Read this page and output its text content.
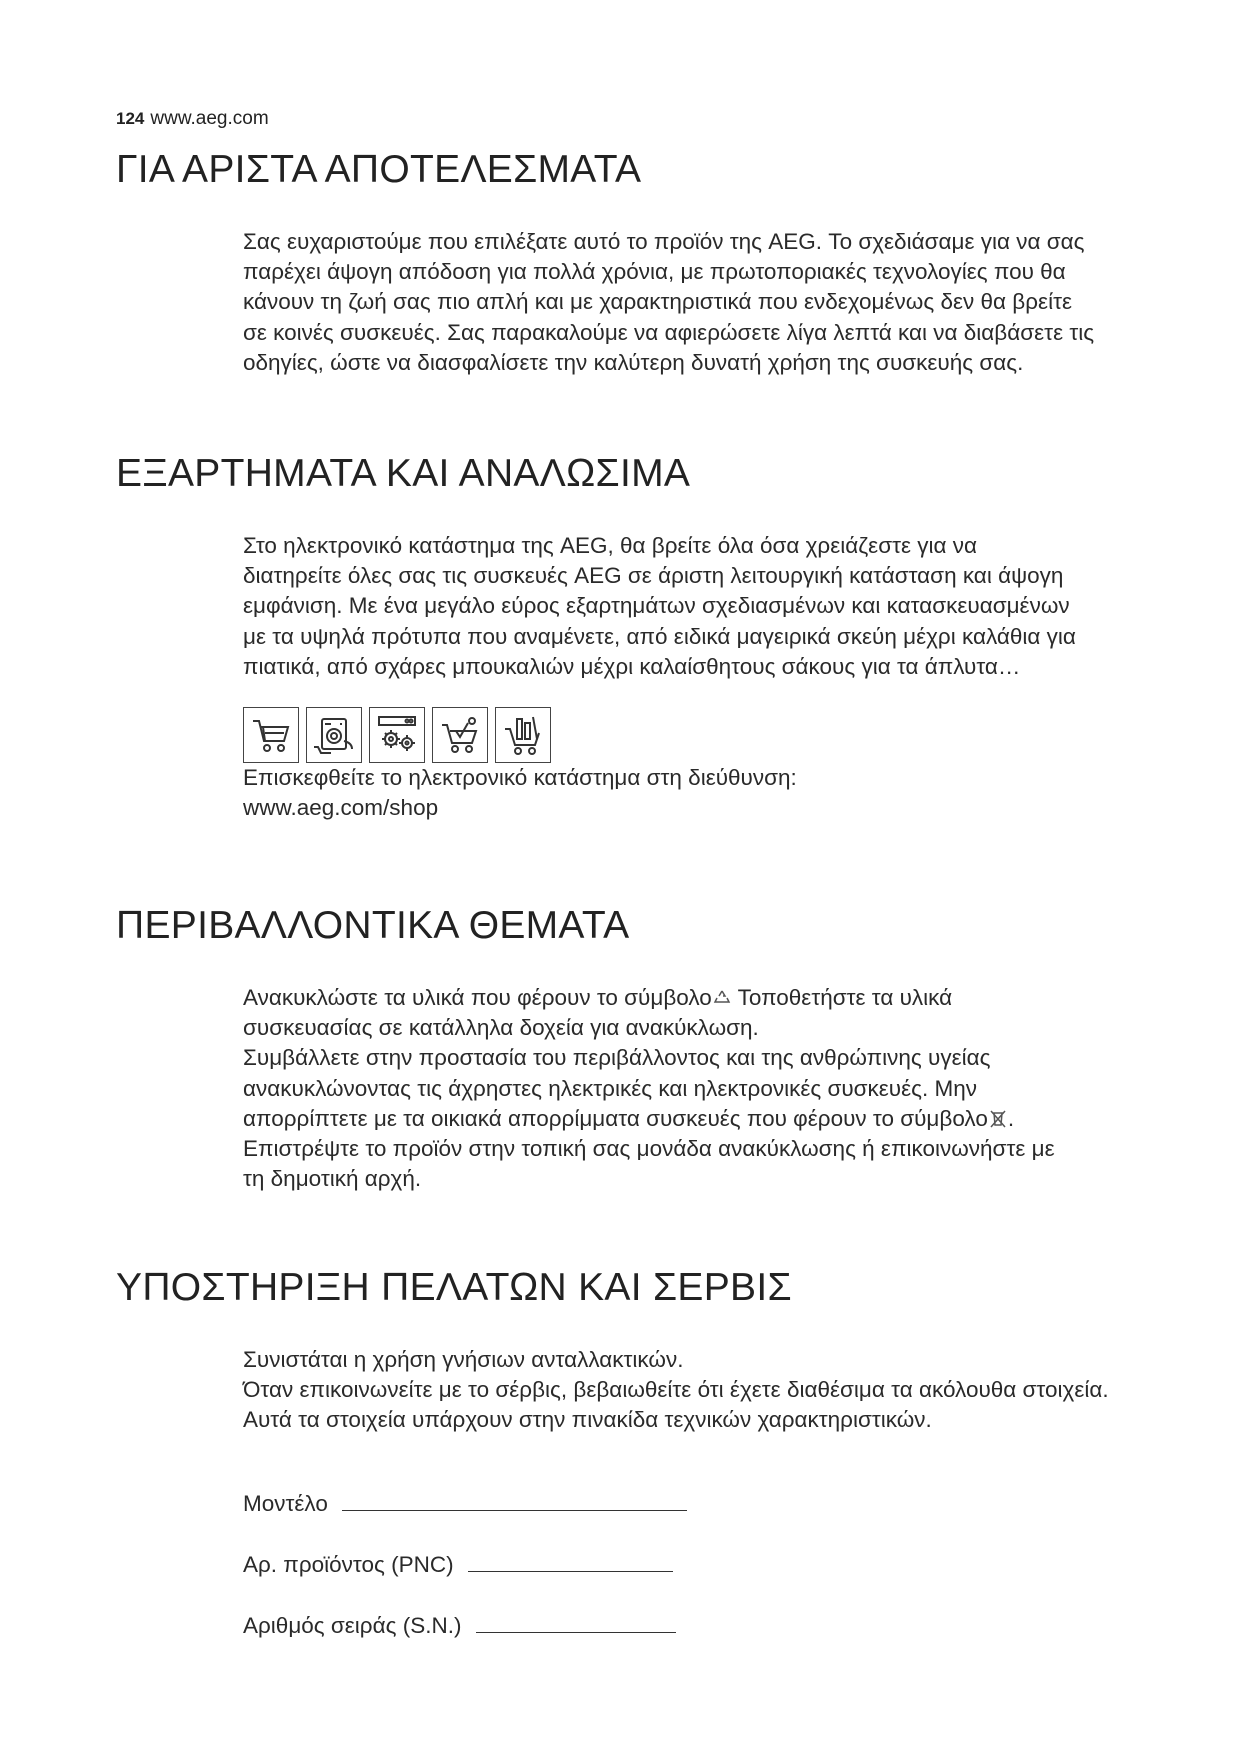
124 www.aeg.com
ΓΙΑ ΑΡΙΣΤΑ ΑΠΟΤΕΛΕΣΜΑΤΑ
Σας ευχαριστούμε που επιλέξατε αυτό το προϊόν της AEG. Το σχεδιάσαμε για να σας
παρέχει άψογη απόδοση για πολλά χρόνια, με πρωτοποριακές τεχνολογίες που θα
κάνουν τη ζωή σας πιο απλή και με χαρακτηριστικά που ενδεχομένως δεν θα βρείτε
σε κοινές συσκευές. Σας παρακαλούμε να αφιερώσετε λίγα λεπτά και να διαβάσετε τις
οδηγίες, ώστε να διασφαλίσετε την καλύτερη δυνατή χρήση της συσκευής σας.
ΕΞΑΡΤΗΜΑΤΑ ΚΑΙ ΑΝΑΛΩΣΙΜΑ
Στο ηλεκτρονικό κατάστημα της AEG, θα βρείτε όλα όσα χρειάζεστε για να
διατηρείτε όλες σας τις συσκευές AEG σε άριστη λειτουργική κατάσταση και άψογη
εμφάνιση. Με ένα μεγάλο εύρος εξαρτημάτων σχεδιασμένων και κατασκευασμένων
με τα υψηλά πρότυπα που αναμένετε, από ειδικά μαγειρικά σκεύη μέχρι καλάθια για
πιατικά, από σχάρες μπουκαλιών μέχρι καλαίσθητους σάκους για τα άπλυτα…
Επισκεφθείτε το ηλεκτρονικό κατάστημα στη διεύθυνση:
www.aeg.com/shop
ΠΕΡΙΒΑΛΛΟΝΤΙΚΑ ΘΕΜΑΤΑ
Ανακυκλώστε τα υλικά που φέρουν το σύμβολο Τοποθετήστε τα υλικά
συσκευασίας σε κατάλληλα δοχεία για ανακύκλωση.
Συμβάλλετε στην προστασία του περιβάλλοντος και της ανθρώπινης υγείας
ανακυκλώνοντας τις άχρηστες ηλεκτρικές και ηλεκτρονικές συσκευές. Μην
απορρίπτετε με τα οικιακά απορρίμματα συσκευές που φέρουν το σύμβολο .
Επιστρέψτε το προϊόν στην τοπική σας μονάδα ανακύκλωσης ή επικοινωνήστε με
τη δημοτική αρχή.
ΥΠΟΣΤΗΡΙΞΗ ΠΕΛΑΤΩΝ ΚΑΙ ΣΕΡΒΙΣ
Συνιστάται η χρήση γνήσιων ανταλλακτικών.
Όταν επικοινωνείτε με το σέρβις, βεβαιωθείτε ότι έχετε διαθέσιμα τα ακόλουθα στοιχεία.
Αυτά τα στοιχεία υπάρχουν στην πινακίδα τεχνικών χαρακτηριστικών.
Μοντέλο
Αρ. προϊόντος (PNC)
Αριθμός σειράς (S.N.)
